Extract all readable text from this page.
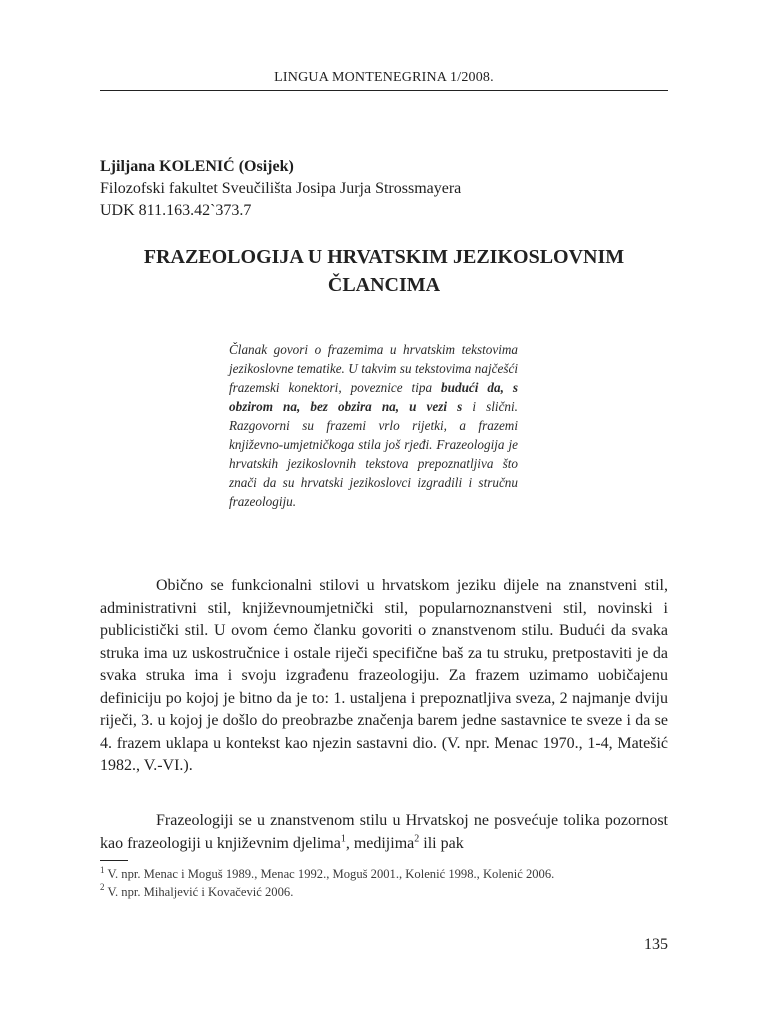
LINGUA MONTENEGRINA 1/2008.
Ljiljana KOLENIĆ (Osijek)
Filozofski fakultet Sveučilišta Josipa Jurja Strossmayera
UDK 811.163.42`373.7
FRAZEOLOGIJA U HRVATSKIM JEZIKOSLOVNIM
ČLANCIMA
Članak govori o frazemima u hrvatskim tekstovima jezikoslovne tematike. U takvim su tekstovima najčešći frazemski konektori, poveznice tipa budući da, s obzirom na, bez obzira na, u vezi s i slični. Razgovorni su frazemi vrlo rijetki, a frazemi književno-umjetničkoga stila još rjeđi. Frazeologija je hrvatskih jezikoslovnih tekstova prepoznatljiva što znači da su hrvatski jezikoslovci izgradili i stručnu frazeologiju.

Obično se funkcionalni stilovi u hrvatskom jeziku dijele na znanstveni stil, administrativni stil, književnoumjetnički stil, popularnoznanstveni stil, novinski i publicistički stil. U ovom ćemo članku govoriti o znanstvenom stilu. Budući da svaka struka ima uz uskostručnice i ostale riječi specifične baš za tu struku, pretpostaviti je da svaka struka ima i svoju izgrađenu frazeologiju. Za frazem uzimamo uobičajenu definiciju po kojoj je bitno da je to: 1. ustaljena i prepoznatljiva sveza, 2 najmanje dviju riječi, 3. u kojoj je došlo do preobrazbe značenja barem jedne sastavnice te sveze i da se 4. frazem uklapa u kontekst kao njezin sastavni dio. (V. npr. Menac 1970., 1-4, Matešić 1982., V.-VI.).

Frazeologiji se u znanstvenom stilu u Hrvatskoj ne posvećuje tolika pozornost kao frazeologiji u književnim djelima$^1$, medijima$^2$ ili pak

$^1$ V. npr. Menac i Moguš 1989., Menac 1992., Moguš 2001., Kolenić 1998., Kolenić 2006.
$^2$ V. npr. Mihaljević i Kovačević 2006.
135
